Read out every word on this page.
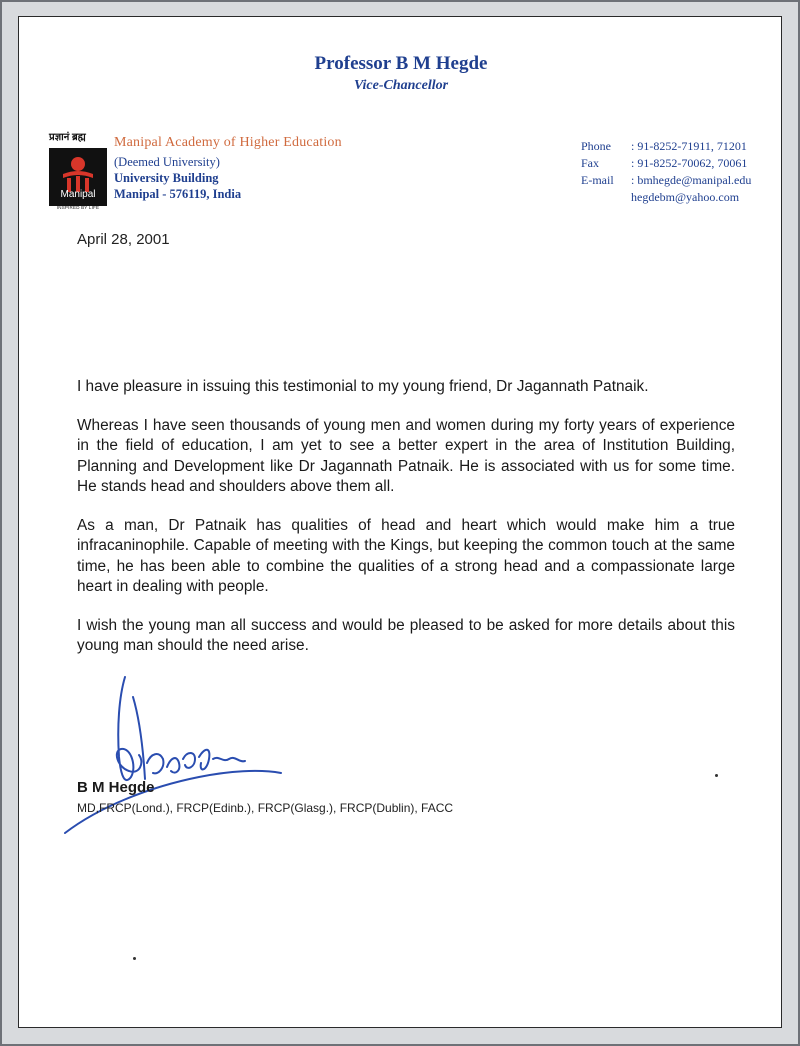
Professor B M Hegde
Vice-Chancellor
प्रज्ञानं ब्रह्म
Manipal
INSPIRED BY LIFE
Manipal Academy of Higher Education
(Deemed University)
University Building
Manipal - 576119, India
Phone : 91-8252-71911, 71201
Fax	: 91-8252-70062, 70061
E-mail : bmhegde@manipal.edu
hegdebm@yahoo.com
April 28, 2001

I have pleasure in issuing this testimonial to my young friend, Dr Jagannath Patnaik.

Whereas I have seen thousands of young men and women during my forty years of experience in the field of education, I am yet to see a better expert in the area of Institution Building, Planning and Development like Dr Jagannath Patnaik. He is associated with us for some time. He stands head and shoulders above them all.

As a man, Dr Patnaik has qualities of head and heart which would make him a true infracaninophile. Capable of meeting with the Kings, but keeping the common touch at the same time, he has been able to combine the qualities of a strong head and a compassionate large heart in dealing with people.

I wish the young man all success and would be pleased to be asked for more details about this young man should the need arise.

B M Hegde
MD,FRCP(Lond.), FRCP(Edinb.), FRCP(Glasg.), FRCP(Dublin), FACC
